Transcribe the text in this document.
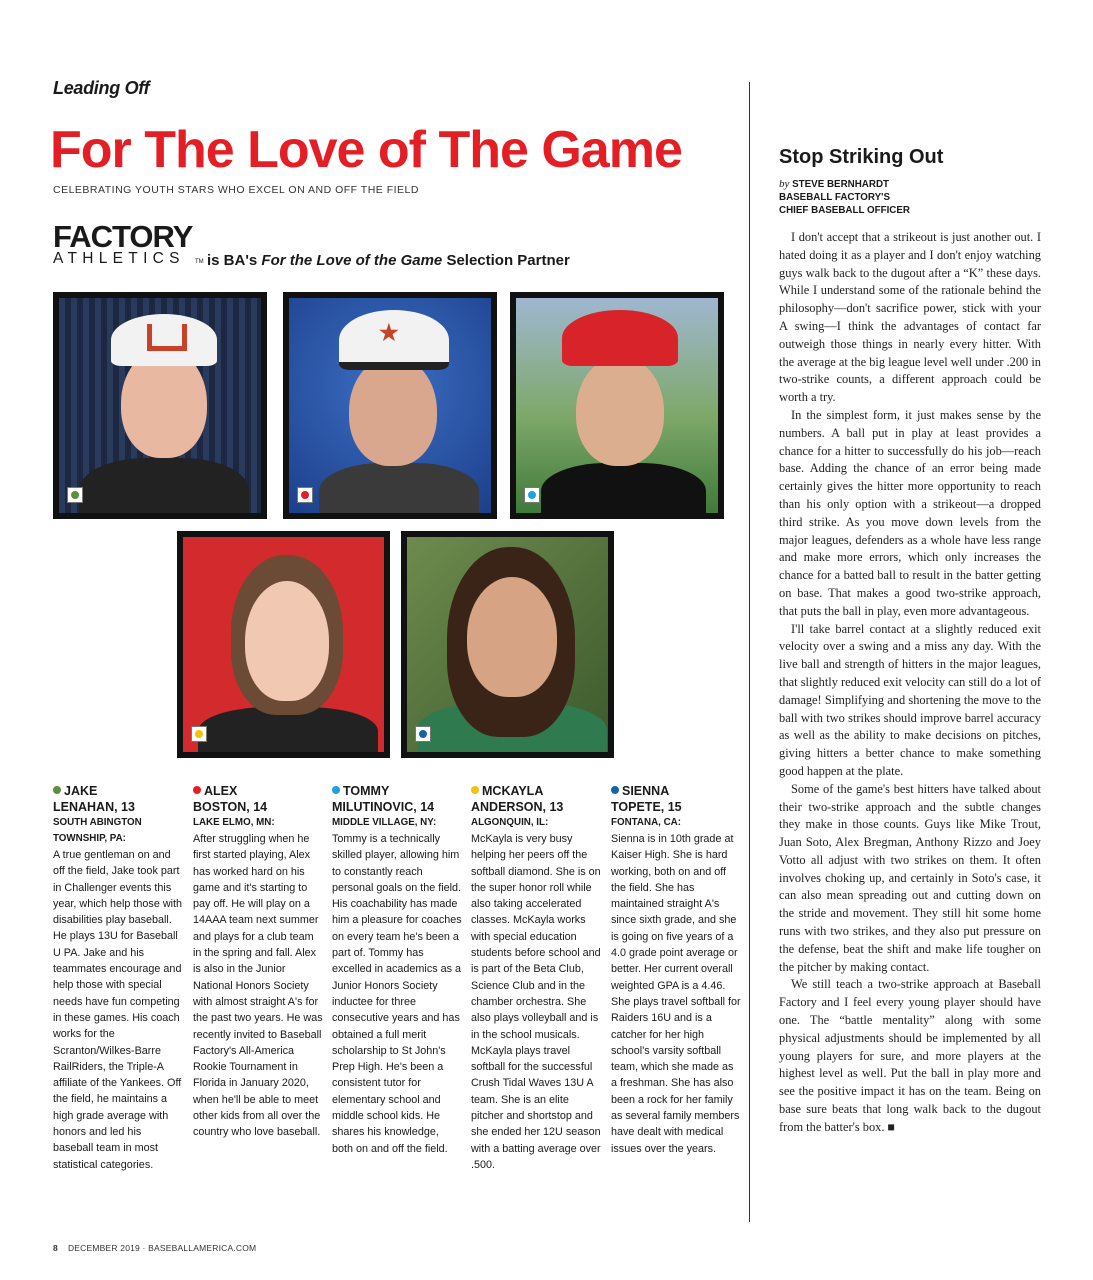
Leading Off
For The Love of The Game
CELEBRATING YOUTH STARS WHO EXCEL ON AND OFF THE FIELD
FACTORY
ATHLETICS TM is BA's For the Love of the Game Selection Partner
★
JAKE
LENAHAN, 13
SOUTH ABINGTON TOWNSHIP, PA:
A true gentleman on and off the field, Jake took part in Challenger events this year, which help those with disabilities play baseball. He plays 13U for Baseball U PA. Jake and his teammates encourage and help those with special needs have fun competing in these games. His coach works for the Scranton/Wilkes-Barre RailRiders, the Triple-A affiliate of the Yankees. Off the field, he maintains a high grade average with honors and led his baseball team in most statistical categories.
ALEX
BOSTON, 14
LAKE ELMO, MN:
After struggling when he first started playing, Alex has worked hard on his game and it's starting to pay off. He will play on a 14AAA team next summer and plays for a club team in the spring and fall. Alex is also in the Junior National Honors Society with almost straight A's for the past two years. He was recently invited to Baseball Factory's All-America Rookie Tournament in Florida in January 2020, when he'll be able to meet other kids from all over the country who love baseball.
TOMMY
MILUTINOVIC, 14
MIDDLE VILLAGE, NY:
Tommy is a technically skilled player, allowing him to constantly reach personal goals on the field. His coachability has made him a pleasure for coaches on every team he's been a part of. Tommy has excelled in academics as a Junior Honors Society inductee for three consecutive years and has obtained a full merit scholarship to St John's Prep High. He's been a consistent tutor for elementary school and middle school kids. He shares his knowledge, both on and off the field.
MCKAYLA
ANDERSON, 13
ALGONQUIN, IL:
McKayla is very busy helping her peers off the softball diamond. She is on the super honor roll while also taking accelerated classes. McKayla works with special education students before school and is part of the Beta Club, Science Club and in the chamber orchestra. She also plays volleyball and is in the school musicals. McKayla plays travel softball for the successful Crush Tidal Waves 13U A team. She is an elite pitcher and shortstop and she ended her 12U season with a batting average over .500.
SIENNA
TOPETE, 15
FONTANA, CA:
Sienna is in 10th grade at Kaiser High. She is hard working, both on and off the field. She has maintained straight A's since sixth grade, and she is going on five years of a 4.0 grade point average or better. Her current overall weighted GPA is a 4.46. She plays travel softball for Raiders 16U and is a catcher for her high school's varsity softball team, which she made as a freshman. She has also been a rock for her family as several family members have dealt with medical issues over the years.
Stop Striking Out
by STEVE BERNHARDT
BASEBALL FACTORY'S
CHIEF BASEBALL OFFICER

I don't accept that a strikeout is just another out. I hated doing it as a player and I don't enjoy watching guys walk back to the dugout after a “K” these days. While I understand some of the rationale behind the philosophy—don't sacrifice power, stick with your A swing—I think the advantages of contact far outweigh those things in nearly every hitter. With the average at the big league level well under .200 in two-strike counts, a different approach could be worth a try.

In the simplest form, it just makes sense by the numbers. A ball put in play at least provides a chance for a hitter to successfully do his job—reach base. Adding the chance of an error being made certainly gives the hitter more opportunity to reach than his only option with a strikeout—a dropped third strike. As you move down levels from the major leagues, defenders as a whole have less range and make more errors, which only increases the chance for a batted ball to result in the batter getting on base. That makes a good two-strike approach, that puts the ball in play, even more advantageous.

I'll take barrel contact at a slightly reduced exit velocity over a swing and a miss any day. With the live ball and strength of hitters in the major leagues, that slightly reduced exit velocity can still do a lot of damage! Simplifying and shortening the move to the ball with two strikes should improve barrel accuracy as well as the ability to make decisions on pitches, giving hitters a better chance to make something good happen at the plate.

Some of the game's best hitters have talked about their two-strike approach and the subtle changes they make in those counts. Guys like Mike Trout, Juan Soto, Alex Bregman, Anthony Rizzo and Joey Votto all adjust with two strikes on them. It often involves choking up, and certainly in Soto's case, it can also mean spreading out and cutting down on the stride and movement. They still hit some home runs with two strikes, and they also put pressure on the defense, beat the shift and make life tougher on the pitcher by making contact.

We still teach a two-strike approach at Baseball Factory and I feel every young player should have one. The “battle mentality” along with some physical adjustments should be implemented by all young players for sure, and more players at the highest level as well. Put the ball in play more and see the positive impact it has on the team. Being on base sure beats that long walk back to the dugout from the batter's box. ■

8 DECEMBER 2019 · BASEBALLAMERICA.COM
